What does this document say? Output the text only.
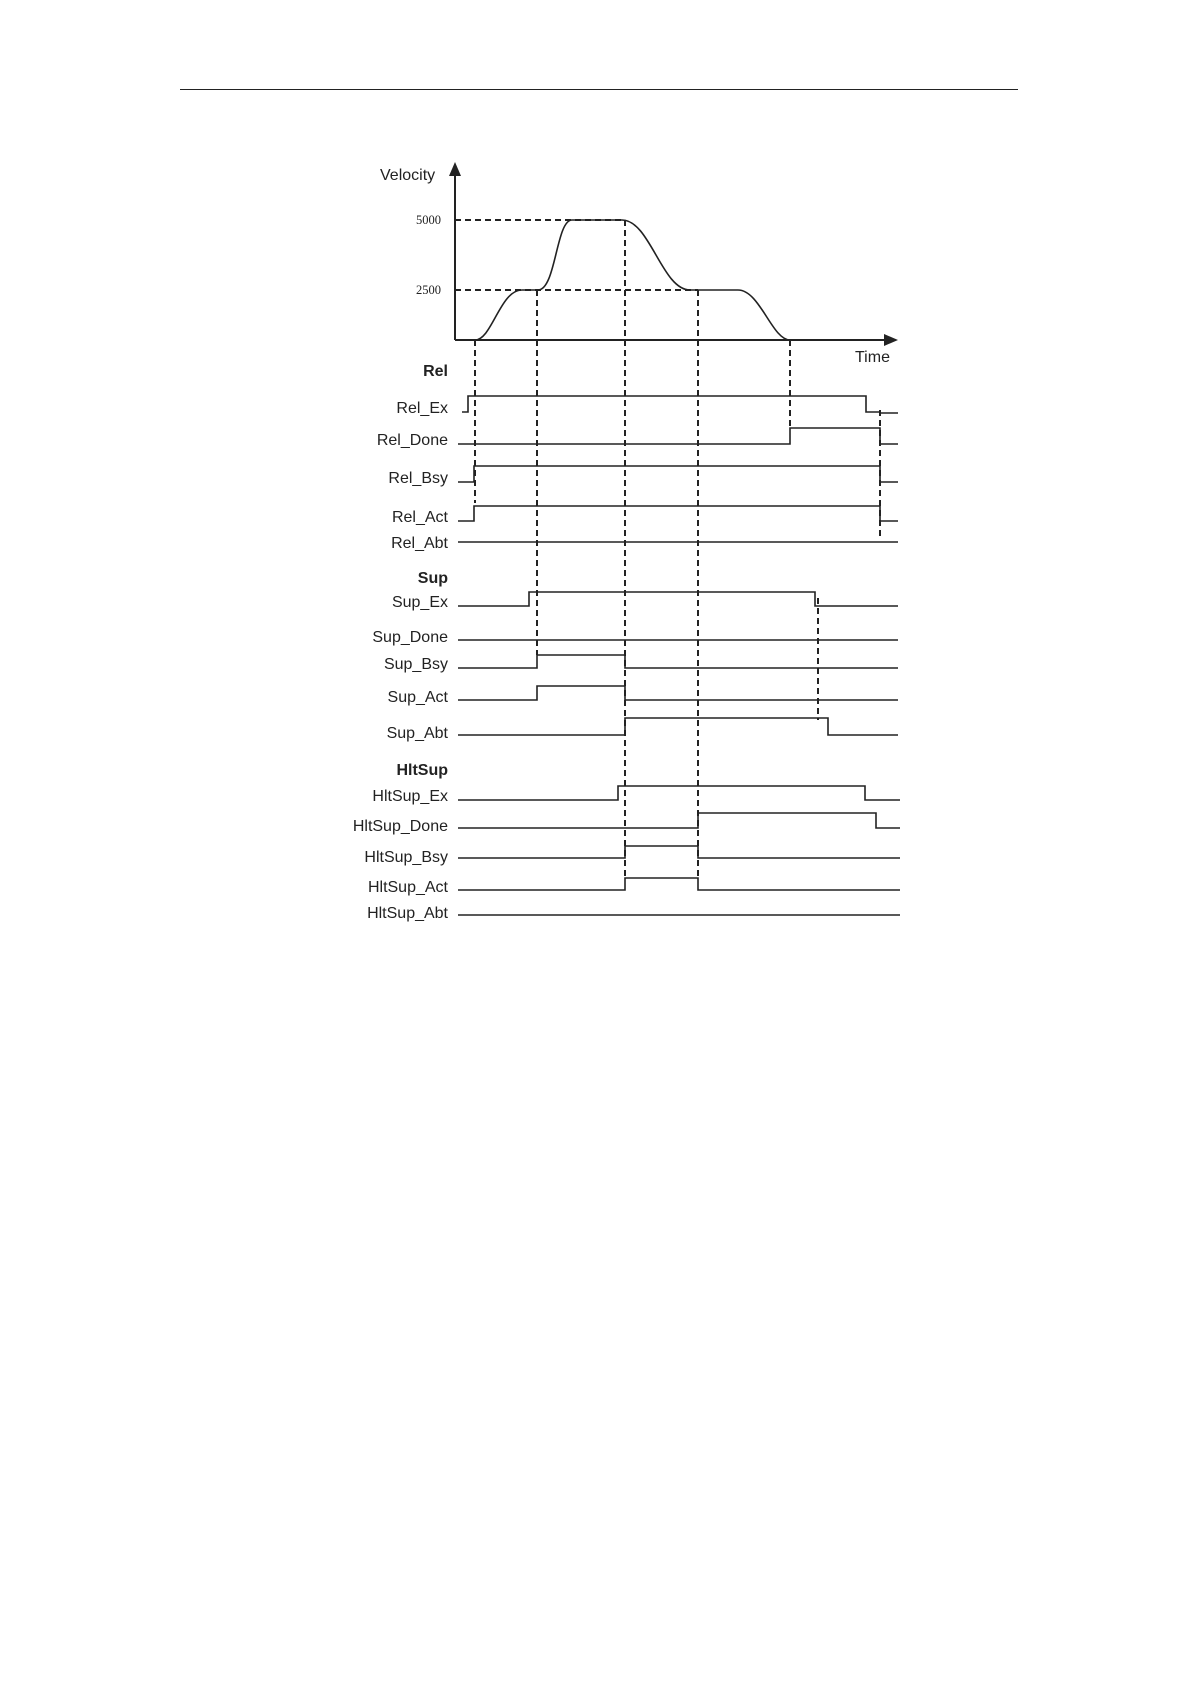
Velocity
Time
5000
2500
Rel
Sup
HltSup
Rel_Ex
Rel_Done
Rel_Bsy
Rel_Act
Rel_Abt
Sup_Ex
Sup_Done
Sup_Bsy
Sup_Act
Sup_Abt
HltSup_Ex
HltSup_Done
HltSup_Bsy
HltSup_Act
HltSup_Abt
